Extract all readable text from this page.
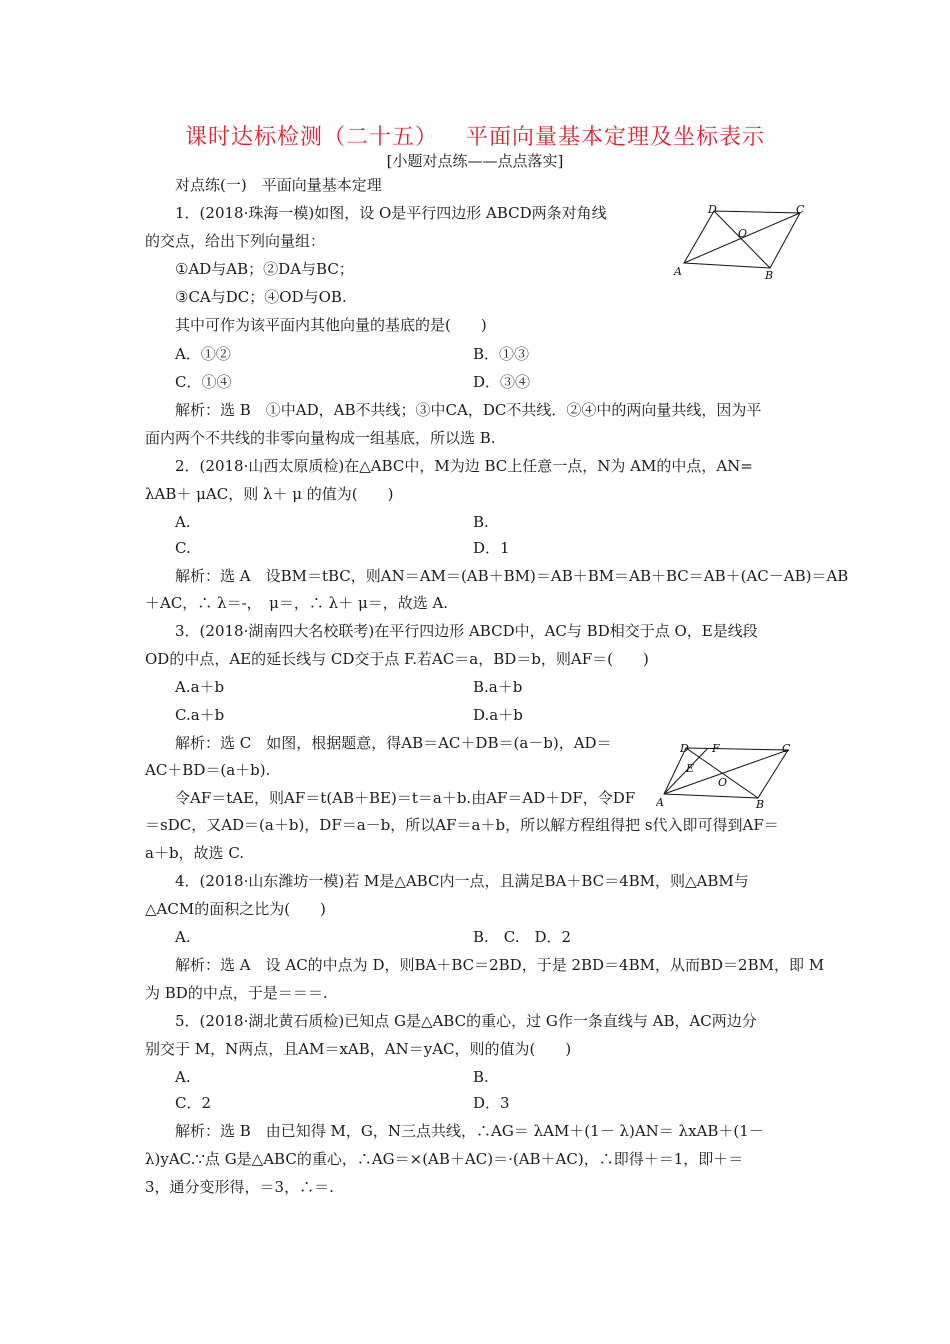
课时达标检测（二十五） 平面向量基本定理及坐标表示
[小题对点练——点点落实]
对点练(一)　平面向量基本定理
1．(2018·珠海一模)如图，设 O是平行四边形 ABCD两条对角线
的交点，给出下列向量组：
①AD与AB；②DA与BC；
③CA与DC；④OD与OB.
其中可作为该平面内其他向量的基底的是(　　)
A．①②	B．①③
C．①④	D．③④
解析：选 B　①中AD，AB不共线；③中CA，DC不共线．②④中的两向量共线，因为平
面内两个不共线的非零向量构成一组基底，所以选 B.
2．(2018·山西太原质检)在△ABC中，M为边 BC上任意一点，N为 AM的中点，AN=
λAB＋ μAC，则 λ＋ μ 的值为(　　)
A.	B.
C.	D．1
解析：选 A　设BM＝tBC，则AN＝AM＝(AB＋BM)＝AB＋BM＝AB＋BC＝AB＋(AC－AB)＝AB
＋AC，∴ λ＝-，　μ＝，∴ λ＋ μ＝，故选 A.
3．(2018·湖南四大名校联考)在平行四边形 ABCD中，AC与 BD相交于点 O，E是线段
OD的中点，AE的延长线与 CD交于点 F.若AC＝a，BD＝b，则AF＝(　　)
A.a＋b	B.a＋b
C.a＋b	D.a＋b
解析：选 C　如图，根据题意，得AB＝AC＋DB＝(a－b)，AD＝
AC＋BD＝(a＋b).
令AF＝tAE，则AF＝t(AB＋BE)＝t＝a＋b.由AF＝AD＋DF，令DF
＝sDC，又AD＝(a＋b)，DF＝a－b，所以AF＝a＋b，所以解方程组得把 s代入即可得到AF＝
a＋b，故选 C.
4．(2018·山东潍坊一模)若 M是△ABC内一点，且满足BA＋BC＝4BM，则△ABM与
△ACM的面积之比为(　　)
A.	B.　C.　D．2
解析：选 A　设 AC的中点为 D，则BA＋BC＝2BD，于是 2BD＝4BM，从而BD＝2BM，即 M
为 BD的中点，于是＝＝＝.
5．(2018·湖北黄石质检)已知点 G是△ABC的重心，过 G作一条直线与 AB，AC两边分
别交于 M，N两点，且AM＝xAB，AN＝yAC，则的值为(　　)
A.	B.
C．2	D．3
解析：选 B　由已知得 M，G，N三点共线，∴AG＝ λAM＋(1－ λ)AN＝ λxAB＋(1－
λ)yAC.∵点 G是△ABC的重心，∴AG＝×(AB＋AC)＝·(AB＋AC)，∴即得＋＝1，即＋＝
3，通分变形得，＝3，∴＝.
A	B
C
D
O
A	B
C
D
E
F
O
